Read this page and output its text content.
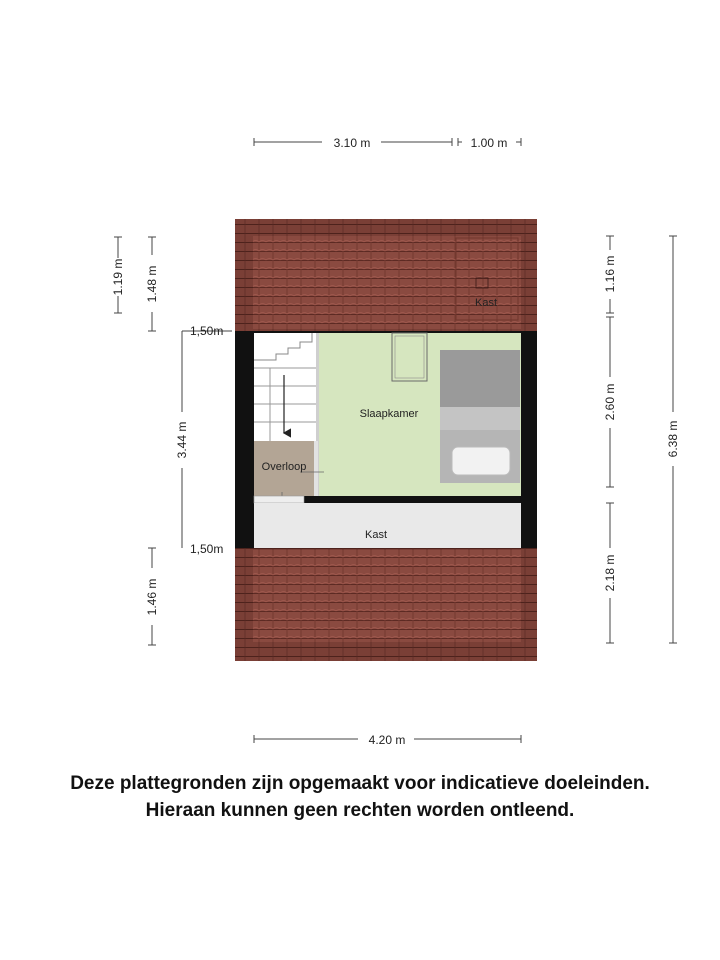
Kast
Slaapkamer
Overloop
Kast
3.10 m	1.00 m
4.20 m
1.19 m 1.48 m
3.44 m
1.46 m
1,50m
1,50m
1.16 m
2.60 m
2.18 m
6.38 m

Deze plattegronden zijn opgemaakt voor indicatieve doeleinden.

Hieraan kunnen geen rechten worden ontleend.
